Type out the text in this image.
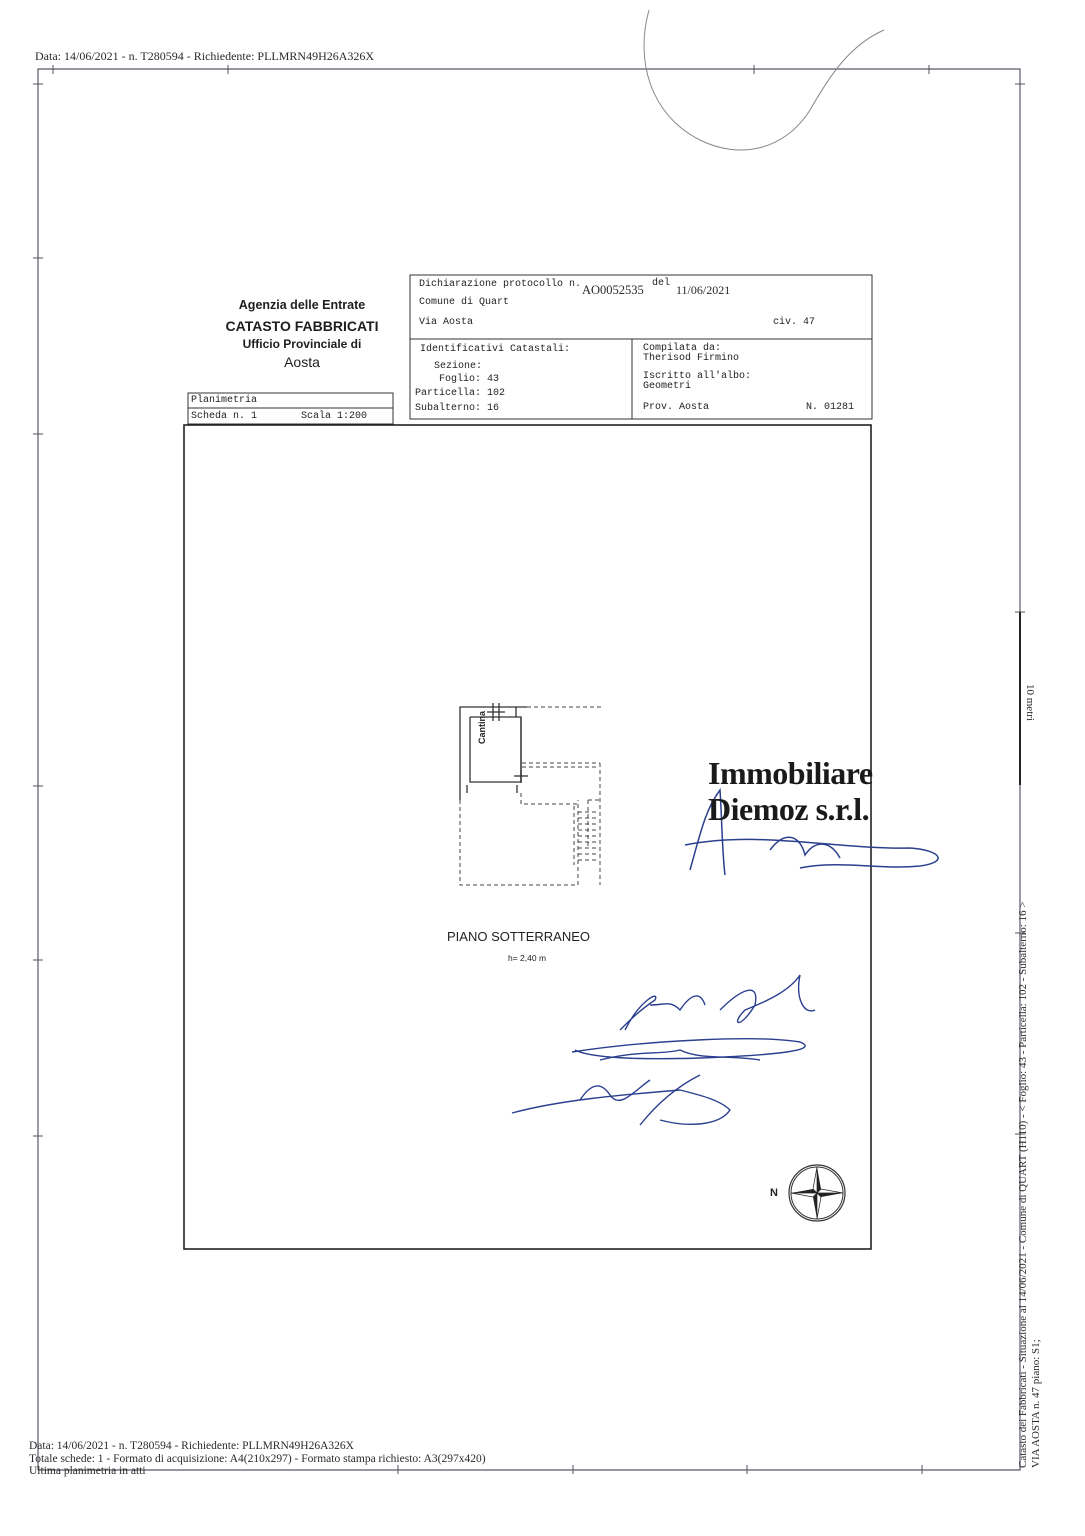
Data: 14/06/2021 - n. T280594 - Richiedente: PLLMRN49H26A326X
Agenzia delle Entrate
CATASTO FABBRICATI
Ufficio Provinciale di
Aosta
Dichiarazione protocollo n. AO0052535 del 11/06/2021
Comune di Quart
Via Aosta	civ. 47
Identificativi Catastali:
Sezione:
Foglio: 43
Particella: 102
Subalterno: 16
Compilata da:
Therisod Firmino
Iscritto all'albo:
Geometri
Prov. Aosta	N. 01281
Planimetria
Scheda n. 1	Scala 1:200
Cantina
PIANO SOTTERRANEO
h= 2,40 m
N
Immobiliare
Diemoz s.r.l.
10 metri
Catasto dei Fabbricati - Situazione al 14/06/2021 - Comune di QUART (H110) - < Foglio: 43 - Particella: 102 - Subalterno: 16 > VIA AOSTA n. 47 piano: S1;
Data: 14/06/2021 - n. T280594 - Richiedente: PLLMRN49H26A326X
Totale schede: 1 - Formato di acquisizione: A4(210x297) - Formato stampa richiesto: A3(297x420)
Ultima planimetria in atti
